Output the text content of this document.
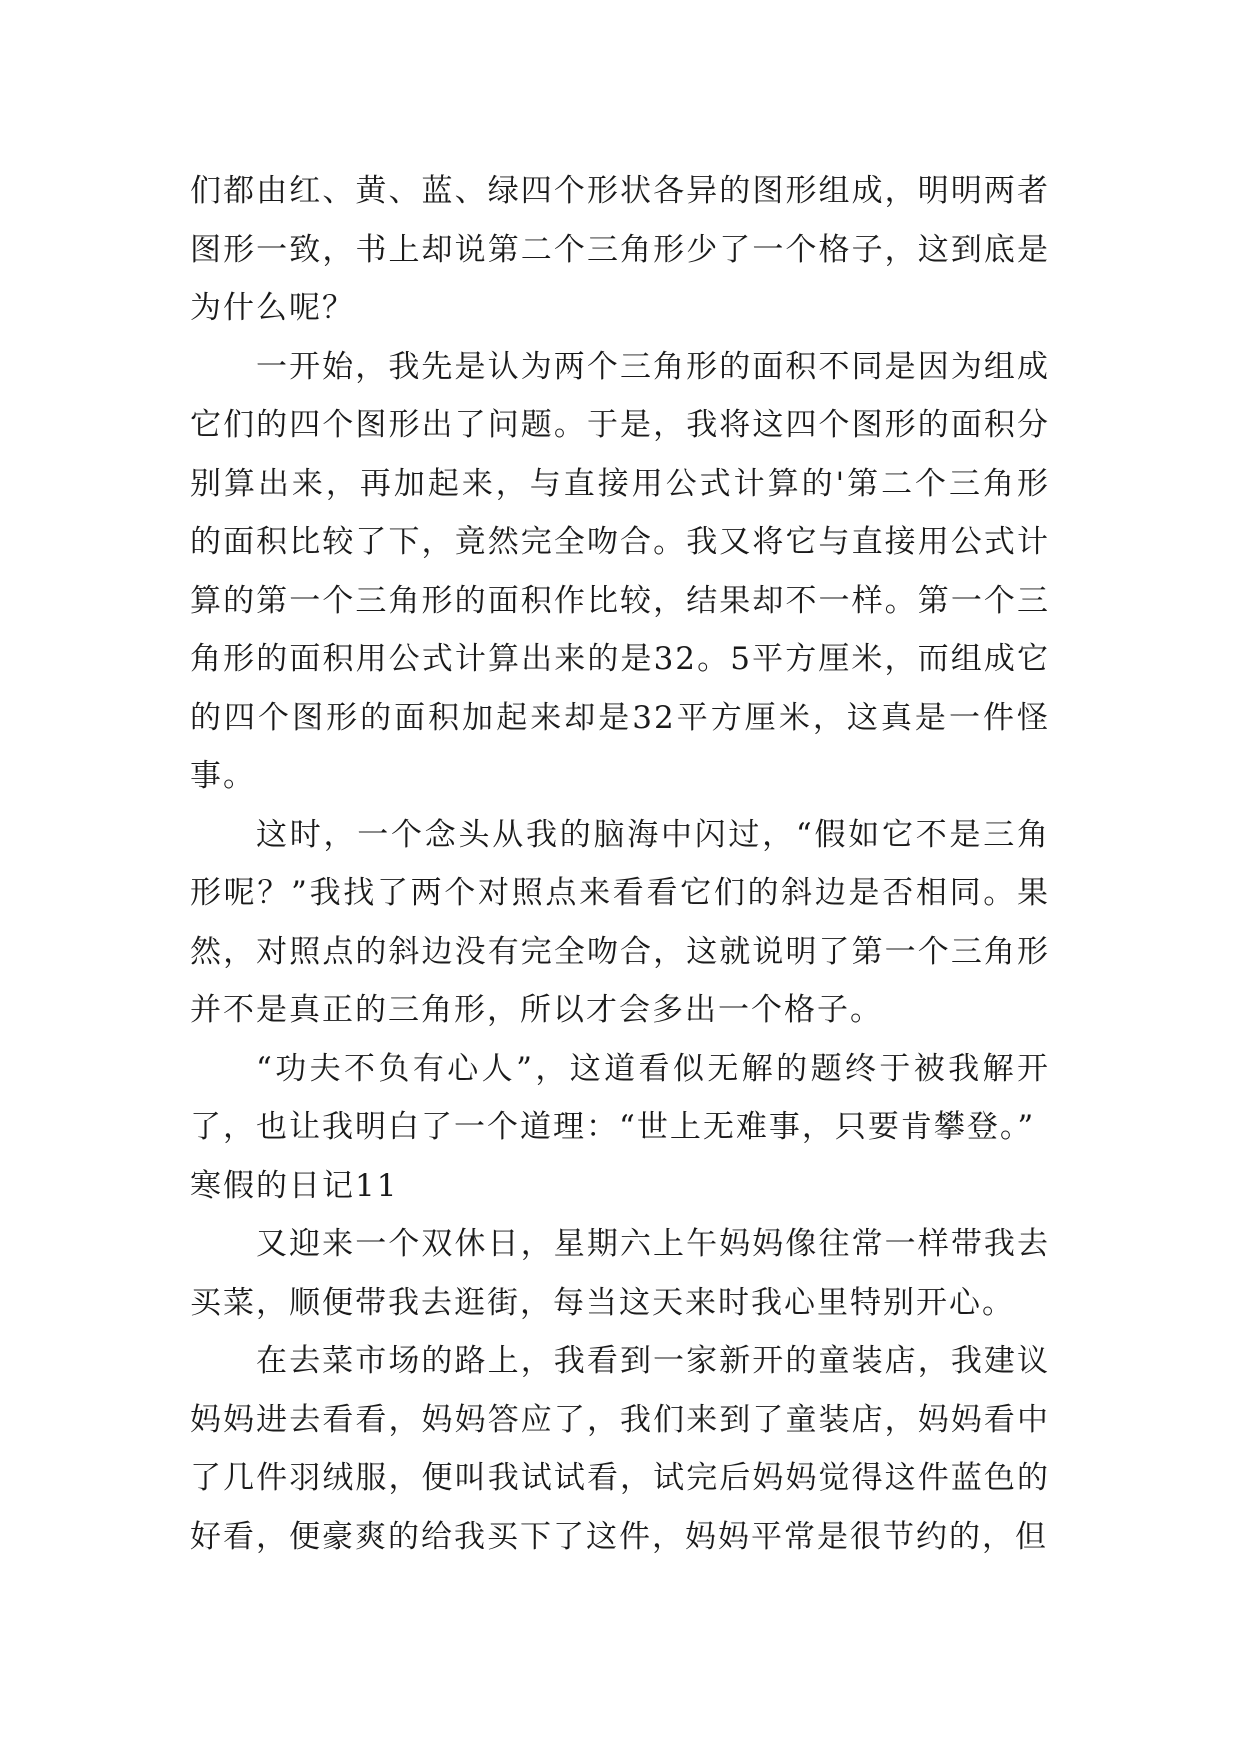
们都由红、黄、蓝、绿四个形状各异的图形组成，明明两者图形一致，书上却说第二个三角形少了一个格子，这到底是为什么呢？

一开始，我先是认为两个三角形的面积不同是因为组成它们的四个图形出了问题。于是，我将这四个图形的面积分别算出来，再加起来，与直接用公式计算的'第二个三角形的面积比较了下，竟然完全吻合。我又将它与直接用公式计算的第一个三角形的面积作比较，结果却不一样。第一个三角形的面积用公式计算出来的是32。5平方厘米，而组成它的四个图形的面积加起来却是32平方厘米，这真是一件怪事。

这时，一个念头从我的脑海中闪过，“假如它不是三角形呢？”我找了两个对照点来看看它们的斜边是否相同。果然，对照点的斜边没有完全吻合，这就说明了第一个三角形并不是真正的三角形，所以才会多出一个格子。

“功夫不负有心人”，这道看似无解的题终于被我解开了，也让我明白了一个道理：“世上无难事，只要肯攀登。”

寒假的日记11

又迎来一个双休日，星期六上午妈妈像往常一样带我去买菜，顺便带我去逛街，每当这天来时我心里特别开心。

在去菜市场的路上，我看到一家新开的童装店，我建议妈妈进去看看，妈妈答应了，我们来到了童装店，妈妈看中了几件羽绒服，便叫我试试看，试完后妈妈觉得这件蓝色的好看，便豪爽的给我买下了这件，妈妈平常是很节约的，但
